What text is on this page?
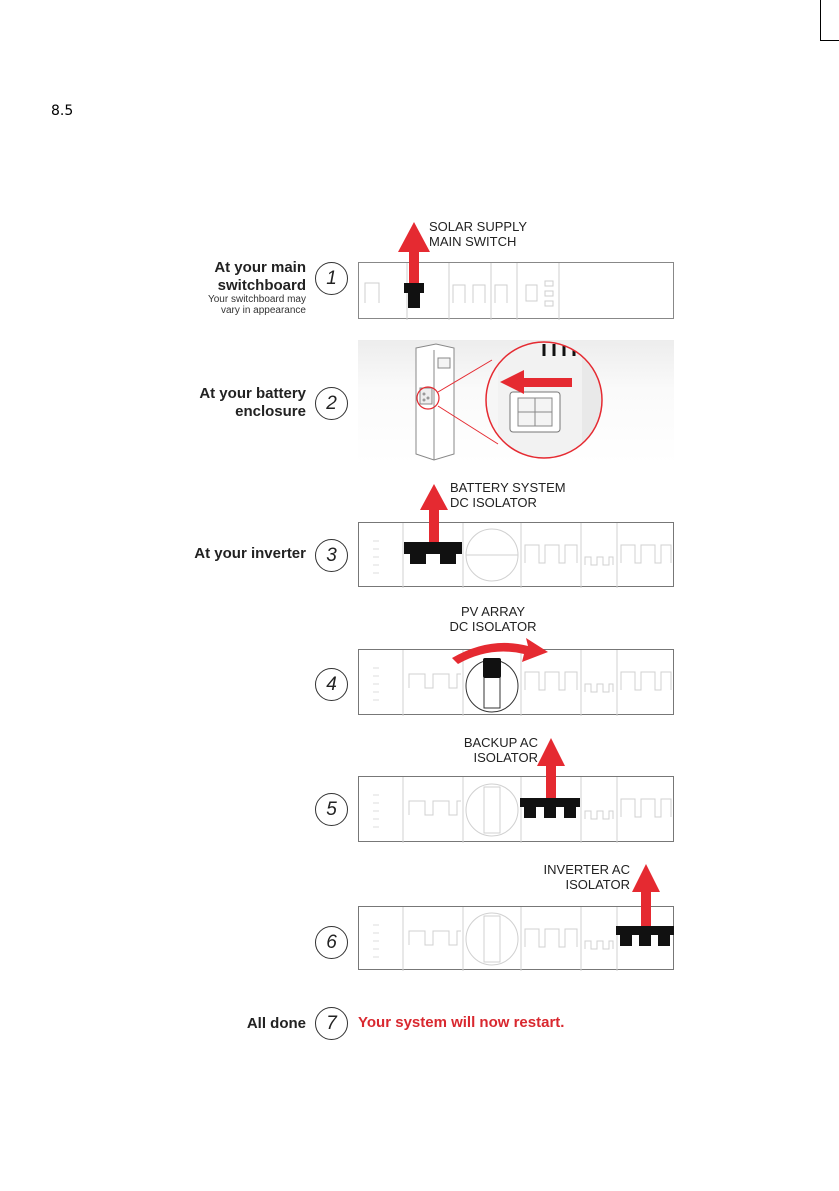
8.5
At your main
switchboard
Your switchboard may
vary in appearance
1
SOLAR SUPPLY
MAIN SWITCH
At your battery
enclosure	2
At your inverter	3
BATTERY SYSTEM
DC ISOLATOR
4
PV ARRAY
DC ISOLATOR
5
BACKUP AC
ISOLATOR
6
INVERTER AC
ISOLATOR
All done	7	Your system will now restart.
